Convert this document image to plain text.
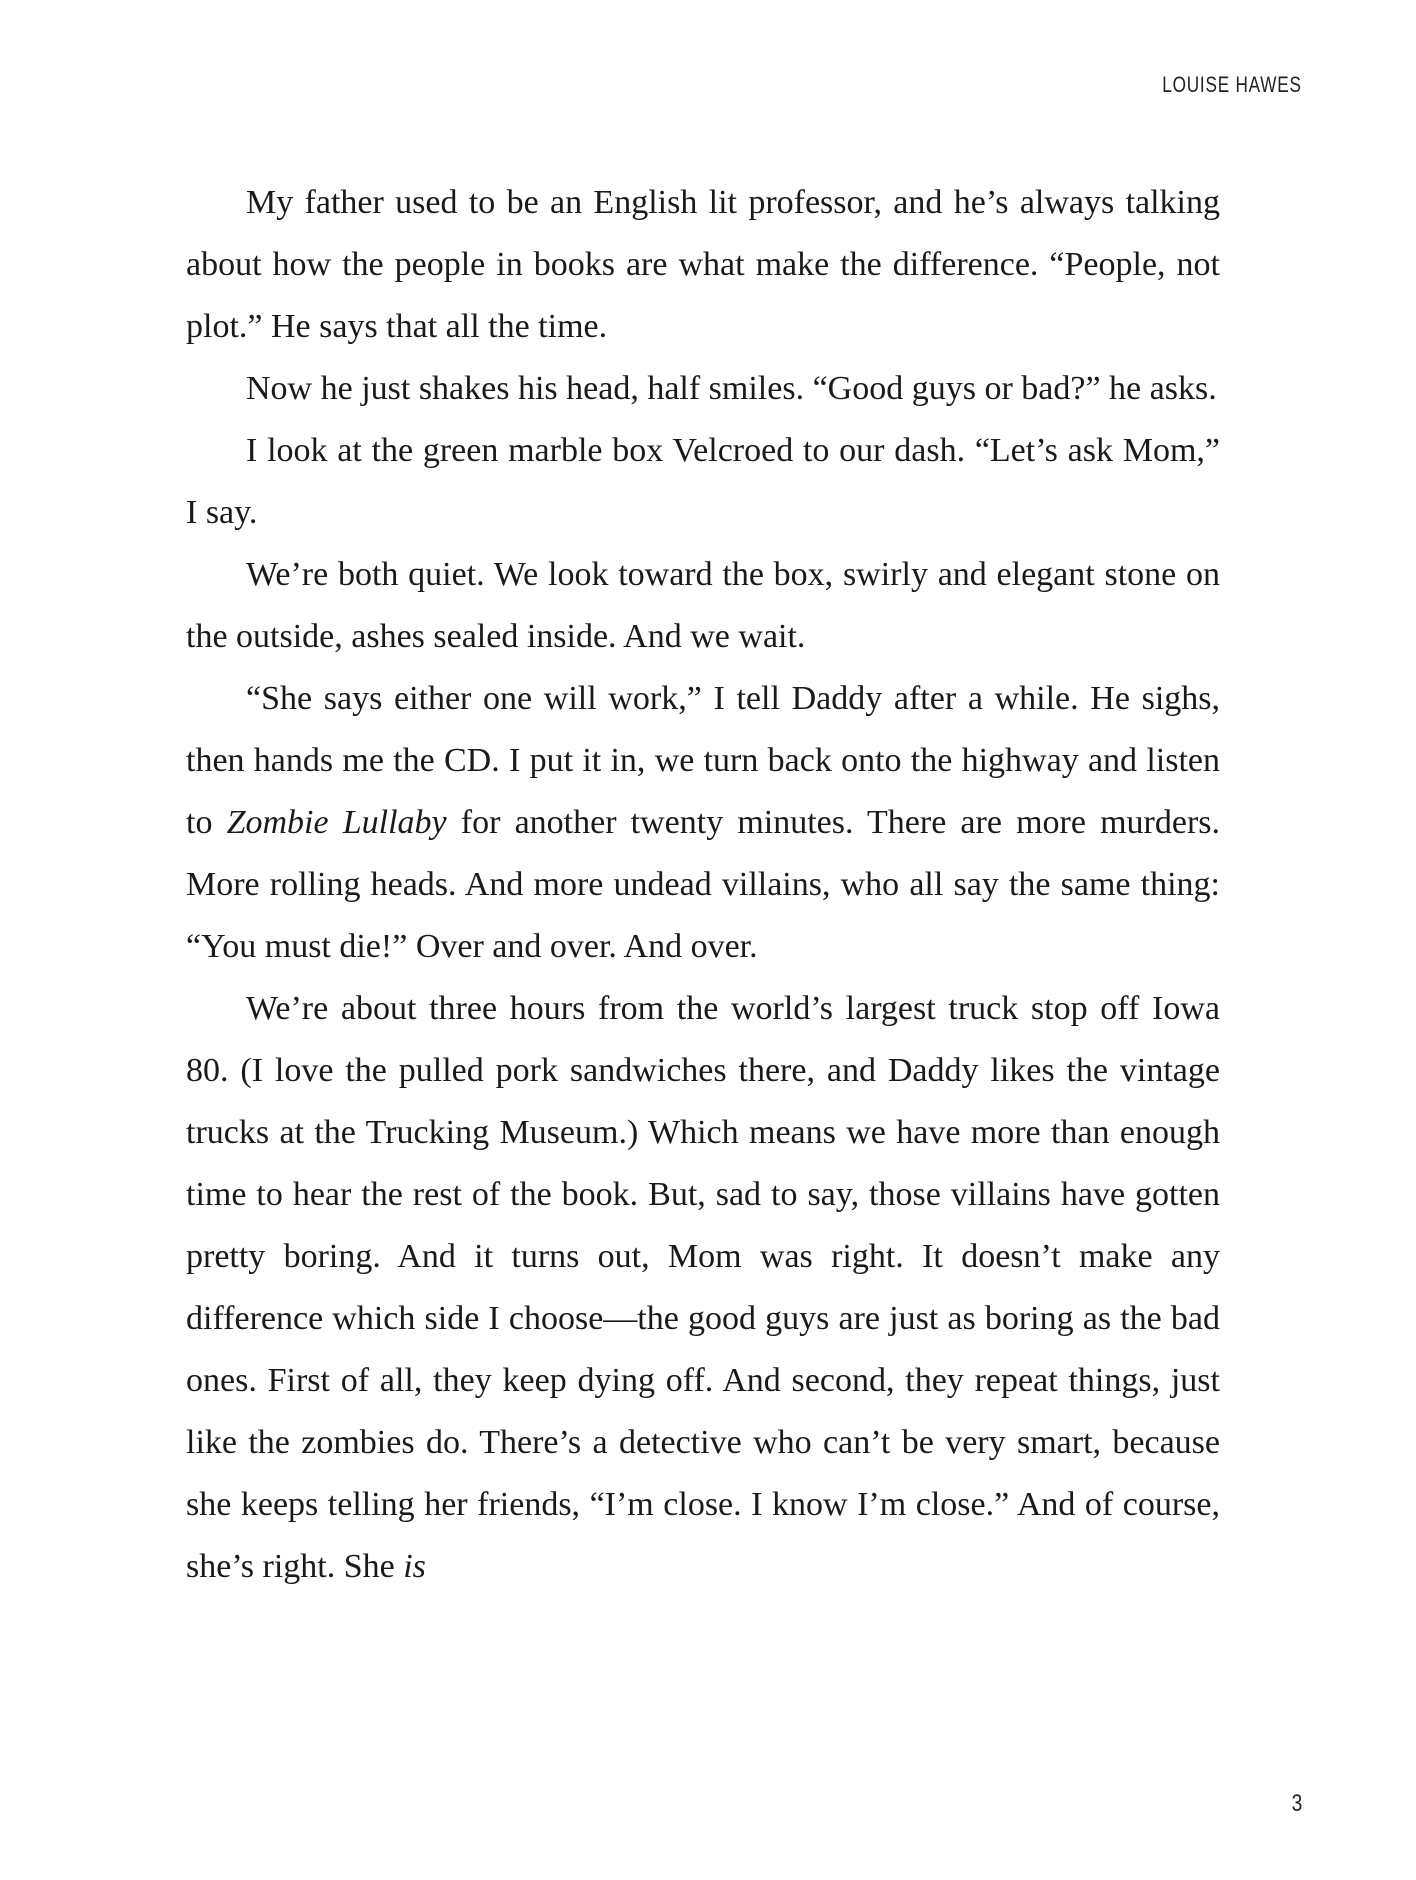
LOUISE HAWES

My father used to be an English lit professor, and he’s always talking about how the people in books are what make the difference. “People, not plot.” He says that all the time.

Now he just shakes his head, half smiles. “Good guys or bad?” he asks.

I look at the green marble box Velcroed to our dash. “Let’s ask Mom,” I say.

We’re both quiet. We look toward the box, swirly and elegant stone on the outside, ashes sealed inside. And we wait.

“She says either one will work,” I tell Daddy after a while. He sighs, then hands me the CD. I put it in, we turn back onto the highway and listen to Zombie Lullaby for another twenty minutes. There are more murders. More rolling heads. And more undead villains, who all say the same thing: “You must die!” Over and over. And over.

We’re about three hours from the world’s largest truck stop off Iowa 80. (I love the pulled pork sandwiches there, and Daddy likes the vintage trucks at the Trucking Museum.) Which means we have more than enough time to hear the rest of the book. But, sad to say, those villains have gotten pretty boring. And it turns out, Mom was right. It doesn’t make any difference which side I choose—the good guys are just as boring as the bad ones. First of all, they keep dying off. And second, they repeat things, just like the zombies do. There’s a detective who can’t be very smart, because she keeps telling her friends, “I’m close. I know I’m close.” And of course, she’s right. She is

3
